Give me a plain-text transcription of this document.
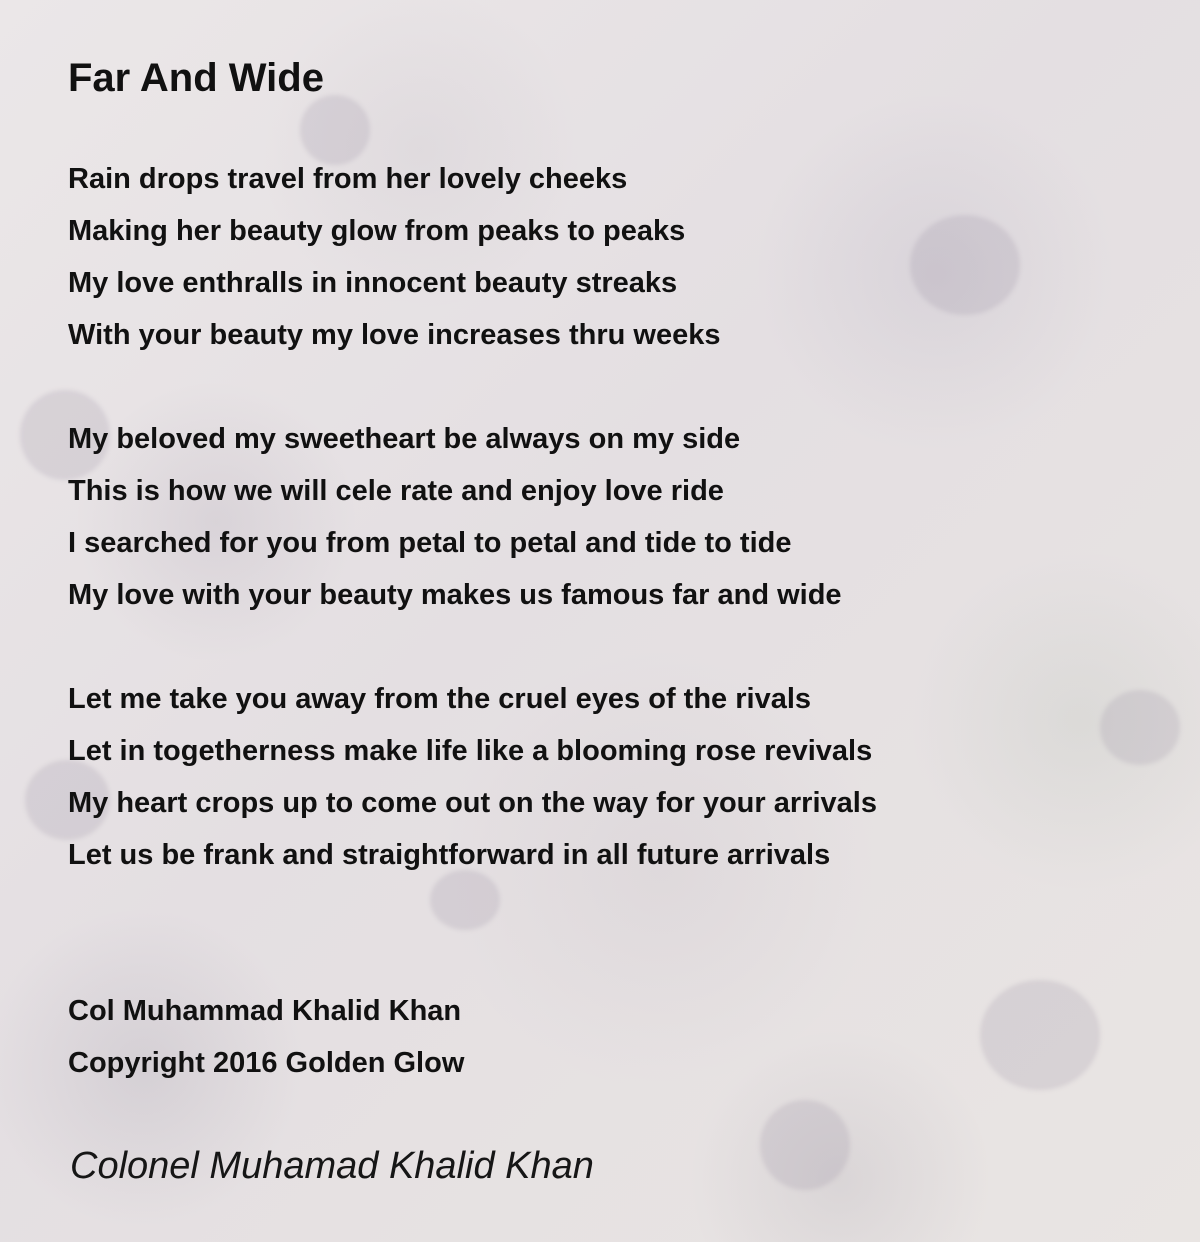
Far And Wide
Rain drops travel from her lovely cheeks
Making her beauty glow from peaks to peaks
My love enthralls in innocent beauty streaks
With your beauty my love increases thru weeks
My beloved my sweetheart be always on my side
This is how we will cele rate and enjoy love ride
I searched for you from petal to petal and tide to tide
My love with your beauty makes us famous far and wide
Let me take you away from the cruel eyes of the rivals
Let in togetherness make life like a blooming rose revivals
My heart crops up to come out on the way for your arrivals
Let us be frank and straightforward in all future arrivals
Col Muhammad Khalid Khan
Copyright 2016 Golden Glow
Colonel Muhamad Khalid Khan
